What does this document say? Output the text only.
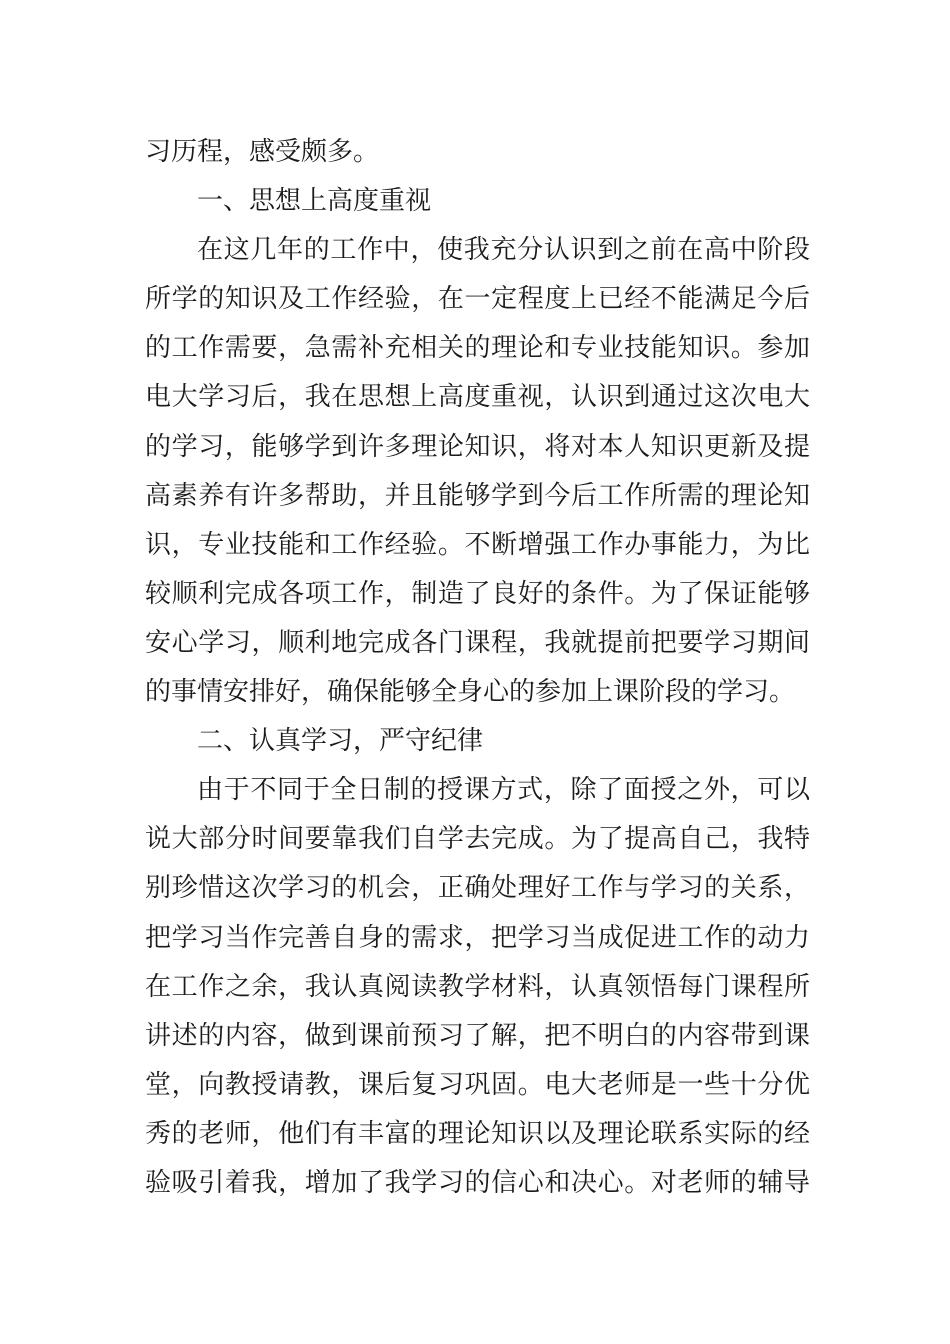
习历程，感受颇多。
一、思想上高度重视
在这几年的工作中，使我充分认识到之前在高中阶段
所学的知识及工作经验，在一定程度上已经不能满足今后
的工作需要，急需补充相关的理论和专业技能知识。参加
电大学习后，我在思想上高度重视，认识到通过这次电大
的学习，能够学到许多理论知识，将对本人知识更新及提
高素养有许多帮助，并且能够学到今后工作所需的理论知
识，专业技能和工作经验。不断增强工作办事能力，为比
较顺利完成各项工作，制造了良好的条件。为了保证能够
安心学习，顺利地完成各门课程，我就提前把要学习期间
的事情安排好，确保能够全身心的参加上课阶段的学习。
二、认真学习，严守纪律
由于不同于全日制的授课方式，除了面授之外，可以
说大部分时间要靠我们自学去完成。为了提高自己，我特
别珍惜这次学习的机会，正确处理好工作与学习的关系，
把学习当作完善自身的需求，把学习当成促进工作的动力
在工作之余，我认真阅读教学材料，认真领悟每门课程所
讲述的内容，做到课前预习了解，把不明白的内容带到课
堂，向教授请教，课后复习巩固。电大老师是一些十分优
秀的老师，他们有丰富的理论知识以及理论联系实际的经
验吸引着我，增加了我学习的信心和决心。对老师的辅导
